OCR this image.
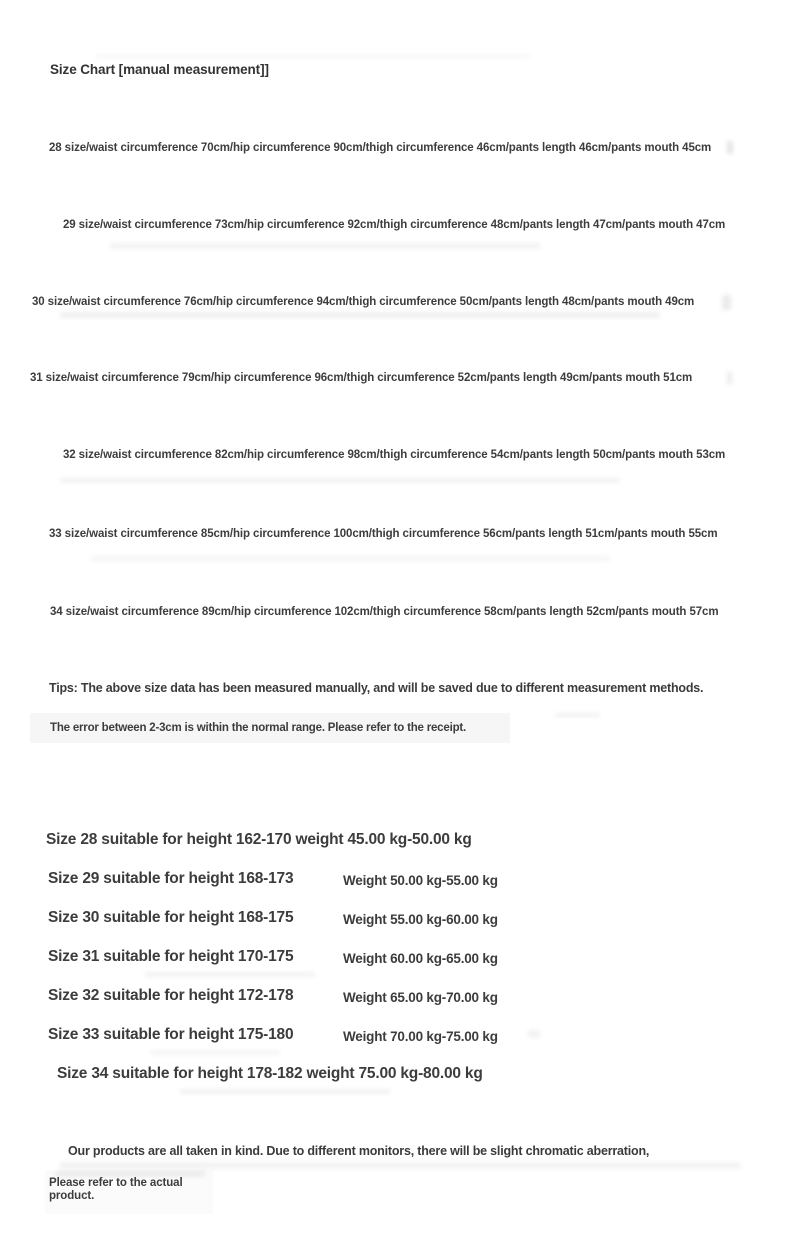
Size Chart [manual measurement]]
28 size/waist circumference 70cm/hip circumference 90cm/thigh circumference 46cm/pants length 46cm/pants mouth 45cm
29 size/waist circumference 73cm/hip circumference 92cm/thigh circumference 48cm/pants length 47cm/pants mouth 47cm
30 size/waist circumference 76cm/hip circumference 94cm/thigh circumference 50cm/pants length 48cm/pants mouth 49cm
31 size/waist circumference 79cm/hip circumference 96cm/thigh circumference 52cm/pants length 49cm/pants mouth 51cm
32 size/waist circumference 82cm/hip circumference 98cm/thigh circumference 54cm/pants length 50cm/pants mouth 53cm
33 size/waist circumference 85cm/hip circumference 100cm/thigh circumference 56cm/pants length 51cm/pants mouth 55cm
34 size/waist circumference 89cm/hip circumference 102cm/thigh circumference 58cm/pants length 52cm/pants mouth 57cm
Tips: The above size data has been measured manually, and will be saved due to different measurement methods.
The error between 2-3cm is within the normal range. Please refer to the receipt.
Size 28 suitable for height 162-170 weight 45.00 kg-50.00 kg
Size 29 suitable for height 168-173	Weight 50.00 kg-55.00 kg
Size 30 suitable for height 168-175	Weight 55.00 kg-60.00 kg
Size 31 suitable for height 170-175	Weight 60.00 kg-65.00 kg
Size 32 suitable for height 172-178	Weight 65.00 kg-70.00 kg
Size 33 suitable for height 175-180	Weight 70.00 kg-75.00 kg
Size 34 suitable for height 178-182 weight 75.00 kg-80.00 kg
Our products are all taken in kind. Due to different monitors, there will be slight chromatic aberration,
Please refer to the actual product.
